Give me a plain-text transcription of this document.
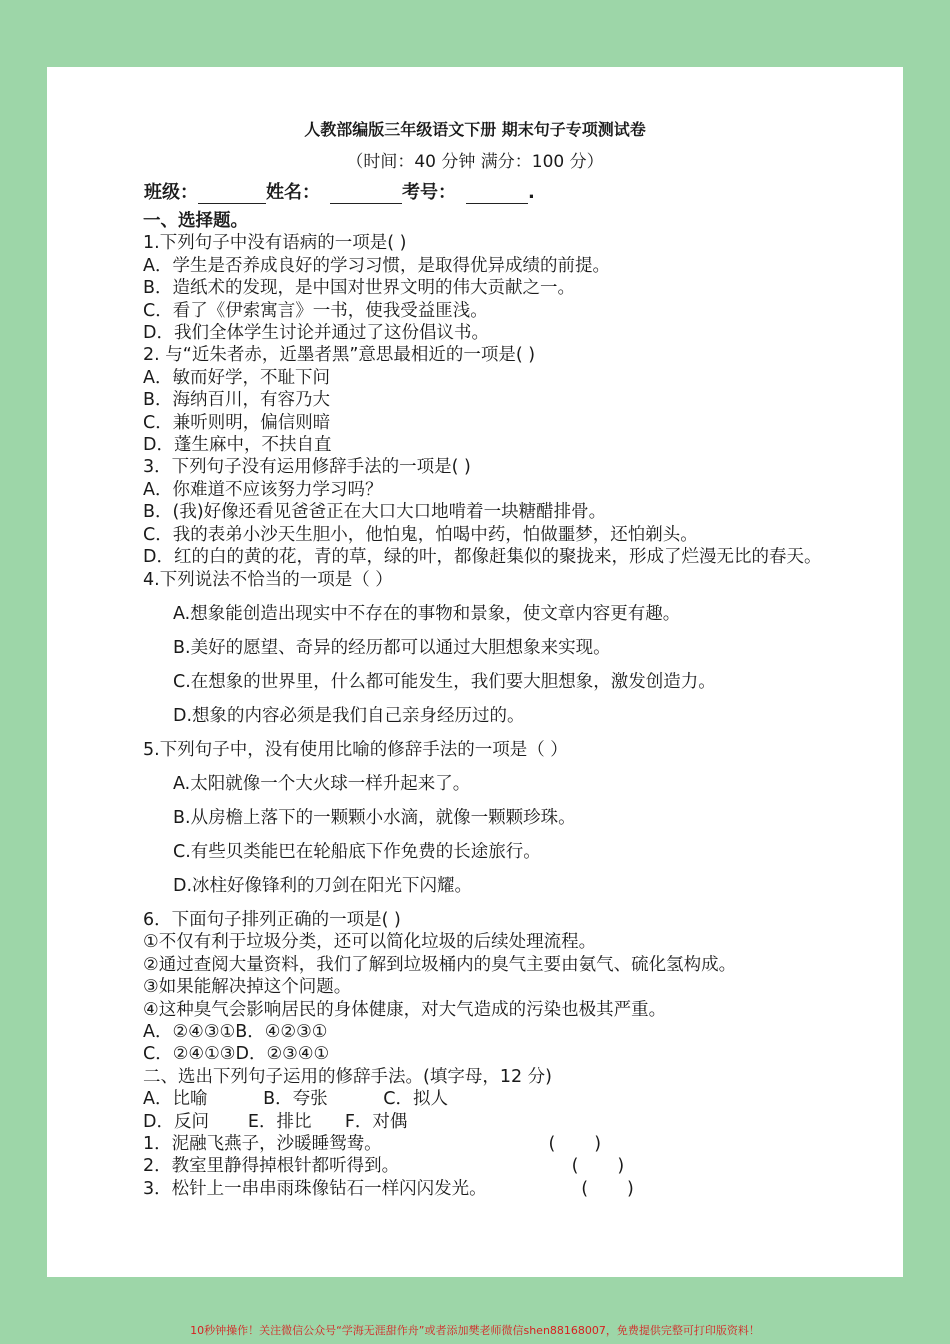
人教部编版三年级语文下册 期末句子专项测试卷
（时间：40 分钟 满分：100 分）
班级：	姓名：	考号：	.
一、选择题。
1.下列句子中没有语病的一项是( )
A．学生是否养成良好的学习习惯，是取得优异成绩的前提。
B．造纸术的发现，是中国对世界文明的伟大贡献之一。
C．看了《伊索寓言》一书，使我受益匪浅。
D．我们全体学生讨论并通过了这份倡议书。
2. 与“近朱者赤，近墨者黑”意思最相近的一项是( )
A．敏而好学，不耻下问
B．海纳百川，有容乃大
C．兼听则明，偏信则暗
D．蓬生麻中，不扶自直
3．下列句子没有运用修辞手法的一项是( )
A．你难道不应该努力学习吗？
B．(我)好像还看见爸爸正在大口大口地啃着一块糖醋排骨。
C．我的表弟小沙天生胆小，他怕鬼，怕喝中药，怕做噩梦，还怕剃头。
D．红的白的黄的花，青的草，绿的叶，都像赶集似的聚拢来，形成了烂漫无比的春天。
4.下列说法不恰当的一项是（ ）
A.想象能创造出现实中不存在的事物和景象，使文章内容更有趣。
B.美好的愿望、奇异的经历都可以通过大胆想象来实现。
C.在想象的世界里，什么都可能发生，我们要大胆想象，激发创造力。
D.想象的内容必须是我们自己亲身经历过的。
5.下列句子中，没有使用比喻的修辞手法的一项是（ ）
A.太阳就像一个大火球一样升起来了。
B.从房檐上落下的一颗颗小水滴，就像一颗颗珍珠。
C.有些贝类能巴在轮船底下作免费的长途旅行。
D.冰柱好像锋利的刀剑在阳光下闪耀。
6．下面句子排列正确的一项是( )
①不仅有利于垃圾分类，还可以简化垃圾的后续处理流程。
②通过查阅大量资料，我们了解到垃圾桶内的臭气主要由氨气、硫化氢构成。
③如果能解决掉这个问题。
④这种臭气会影响居民的身体健康，对大气造成的污染也极其严重。
A．②④③①B．④②③①
C．②④①③D．②③④①
二、选出下列句子运用的修辞手法。(填字母，12 分)
A．比喻          B．夸张          C．拟人
D．反问       E．排比      F．对偶
1．泥融飞燕子，沙暖睡鸳鸯。                              (       )
2．教室里静得掉根针都听得到。                               (       )
3．松针上一串串雨珠像钻石一样闪闪发光。                 (       )
10秒钟操作！关注微信公众号“学海无涯甜作舟”或者添加樊老师微信shen88168007，免费提供完整可打印版资料！
